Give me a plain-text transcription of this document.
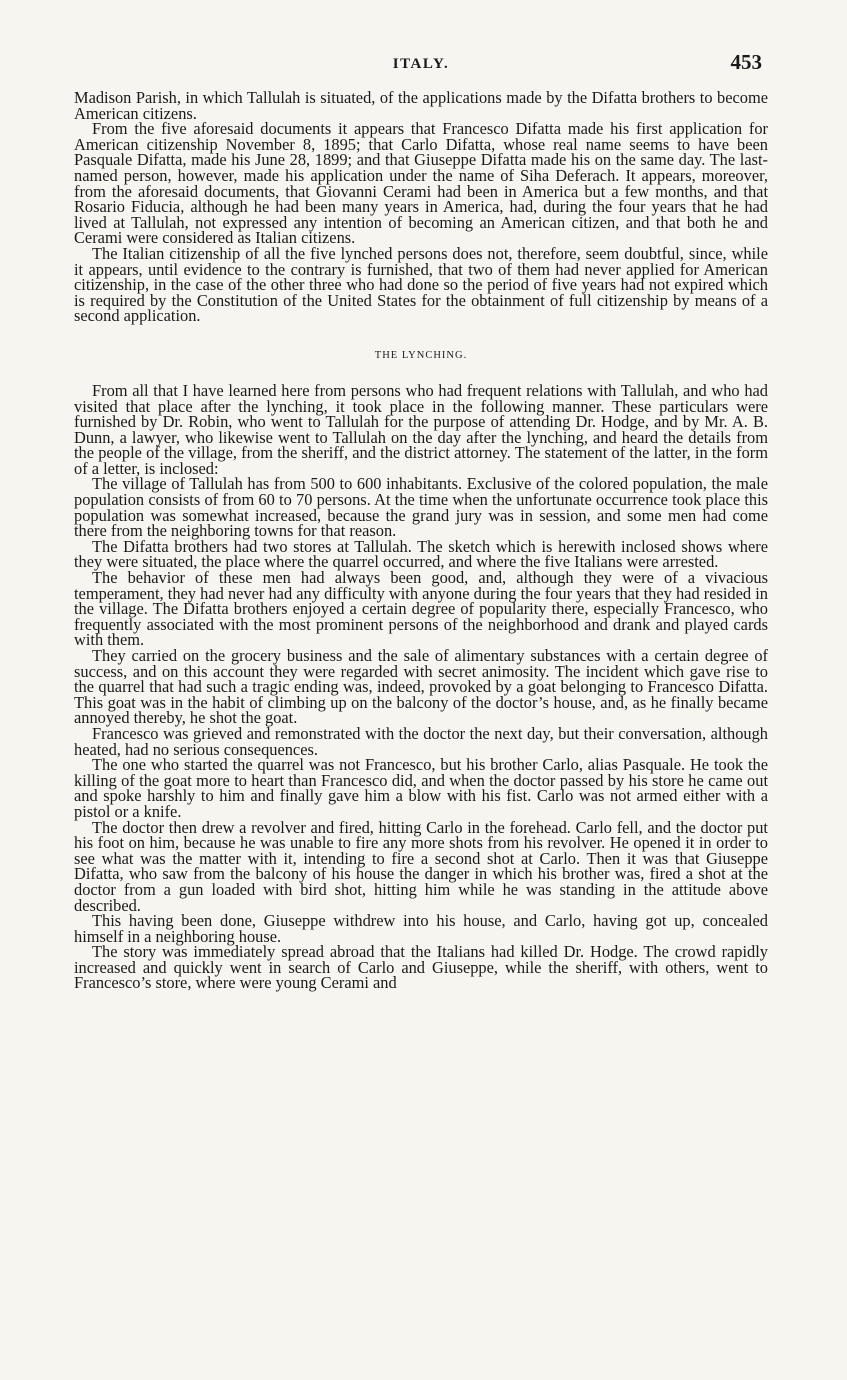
ITALY.	453

Madison Parish, in which Tallulah is situated, of the applications made by the Difatta brothers to become American citizens.

From the five aforesaid documents it appears that Francesco Difatta made his first application for American citizenship November 8, 1895; that Carlo Difatta, whose real name seems to have been Pasquale Difatta, made his June 28, 1899; and that Giuseppe Difatta made his on the same day. The last-named person, however, made his application under the name of Siha Deferach. It appears, moreover, from the aforesaid documents, that Giovanni Cerami had been in America but a few months, and that Rosario Fiducia, although he had been many years in America, had, during the four years that he had lived at Tallulah, not expressed any intention of becoming an American citizen, and that both he and Cerami were considered as Italian citizens.

The Italian citizenship of all the five lynched persons does not, therefore, seem doubtful, since, while it appears, until evidence to the contrary is furnished, that two of them had never applied for American citizenship, in the case of the other three who had done so the period of five years had not expired which is required by the Constitution of the United States for the obtainment of full citizenship by means of a second application.

THE LYNCHING.

From all that I have learned here from persons who had frequent relations with Tallulah, and who had visited that place after the lynching, it took place in the following manner. These particulars were furnished by Dr. Robin, who went to Tallulah for the purpose of attending Dr. Hodge, and by Mr. A. B. Dunn, a lawyer, who likewise went to Tallulah on the day after the lynching, and heard the details from the people of the village, from the sheriff, and the district attorney. The statement of the latter, in the form of a letter, is inclosed:

The village of Tallulah has from 500 to 600 inhabitants. Exclusive of the colored population, the male population consists of from 60 to 70 persons. At the time when the unfortunate occurrence took place this population was somewhat increased, because the grand jury was in session, and some men had come there from the neighboring towns for that reason.

The Difatta brothers had two stores at Tallulah. The sketch which is herewith inclosed shows where they were situated, the place where the quarrel occurred, and where the five Italians were arrested.

The behavior of these men had always been good, and, although they were of a vivacious temperament, they had never had any difficulty with anyone during the four years that they had resided in the village. The Difatta brothers enjoyed a certain degree of popularity there, especially Francesco, who frequently associated with the most prominent persons of the neighborhood and drank and played cards with them.

They carried on the grocery business and the sale of alimentary substances with a certain degree of success, and on this account they were regarded with secret animosity. The incident which gave rise to the quarrel that had such a tragic ending was, indeed, provoked by a goat belonging to Francesco Difatta. This goat was in the habit of climbing up on the balcony of the doctor’s house, and, as he finally became annoyed thereby, he shot the goat.

Francesco was grieved and remonstrated with the doctor the next day, but their conversation, although heated, had no serious consequences.

The one who started the quarrel was not Francesco, but his brother Carlo, alias Pasquale. He took the killing of the goat more to heart than Francesco did, and when the doctor passed by his store he came out and spoke harshly to him and finally gave him a blow with his fist. Carlo was not armed either with a pistol or a knife.

The doctor then drew a revolver and fired, hitting Carlo in the forehead. Carlo fell, and the doctor put his foot on him, because he was unable to fire any more shots from his revolver. He opened it in order to see what was the matter with it, intending to fire a second shot at Carlo. Then it was that Giuseppe Difatta, who saw from the balcony of his house the danger in which his brother was, fired a shot at the doctor from a gun loaded with bird shot, hitting him while he was standing in the attitude above described.

This having been done, Giuseppe withdrew into his house, and Carlo, having got up, concealed himself in a neighboring house.

The story was immediately spread abroad that the Italians had killed Dr. Hodge. The crowd rapidly increased and quickly went in search of Carlo and Giuseppe, while the sheriff, with others, went to Francesco’s store, where were young Cerami and
